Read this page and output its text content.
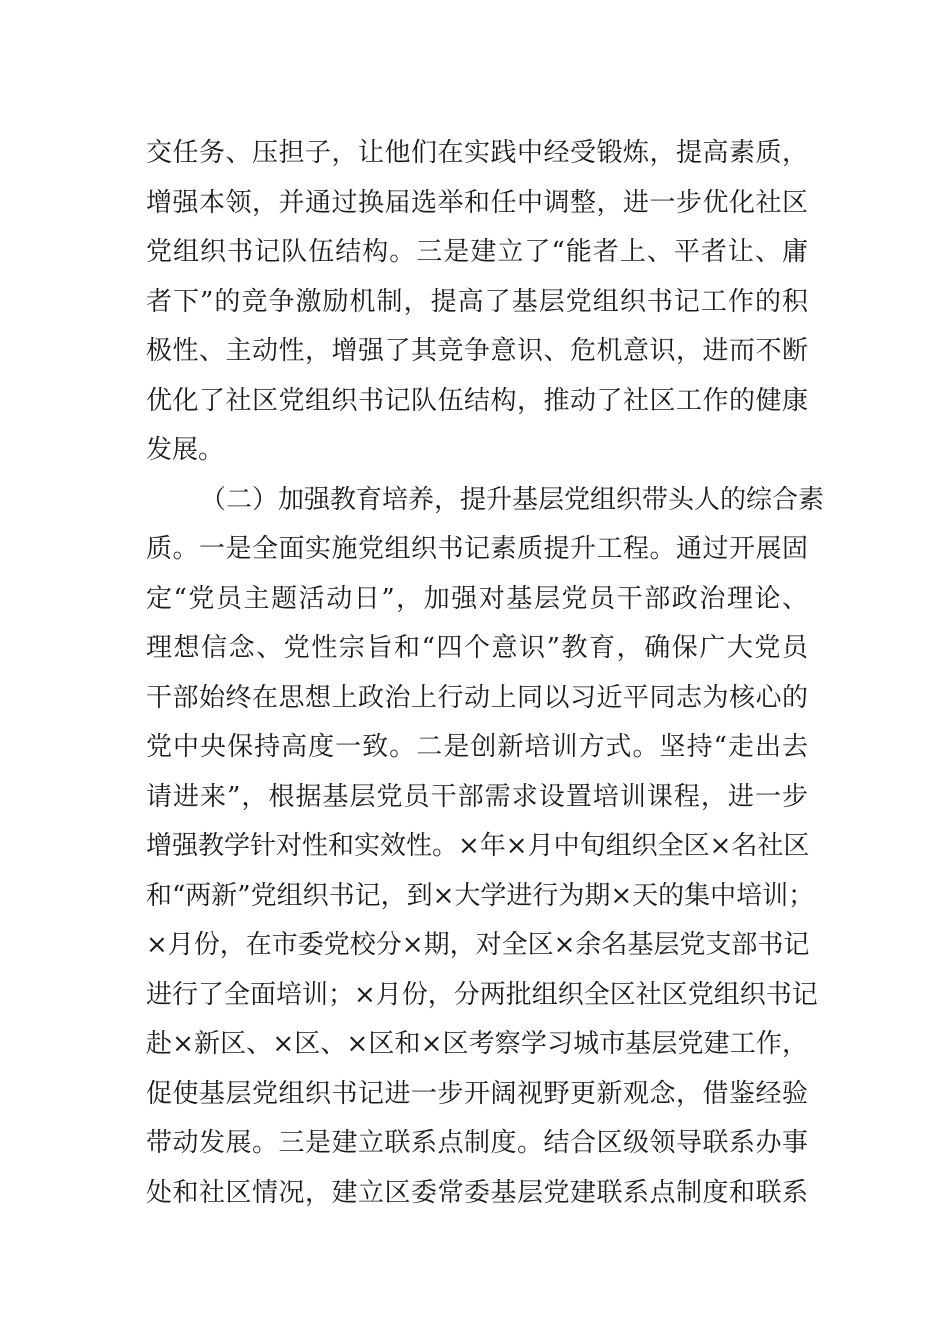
交任务、压担子，让他们在实践中经受锻炼，提高素质，
增强本领，并通过换届选举和任中调整，进一步优化社区
党组织书记队伍结构。三是建立了“能者上、平者让、庸
者下”的竞争激励机制，提高了基层党组织书记工作的积
极性、主动性，增强了其竞争意识、危机意识，进而不断
优化了社区党组织书记队伍结构，推动了社区工作的健康
发展。
（二）加强教育培养，提升基层党组织带头人的综合素
质。一是全面实施党组织书记素质提升工程。通过开展固
定“党员主题活动日”，加强对基层党员干部政治理论、
理想信念、党性宗旨和“四个意识”教育，确保广大党员
干部始终在思想上政治上行动上同以习近平同志为核心的
党中央保持高度一致。二是创新培训方式。坚持“走出去
请进来”，根据基层党员干部需求设置培训课程，进一步
增强教学针对性和实效性。×年×月中旬组织全区×名社区
和“两新”党组织书记，到×大学进行为期×天的集中培训；
×月份，在市委党校分×期，对全区×余名基层党支部书记
进行了全面培训；×月份，分两批组织全区社区党组织书记
赴×新区、×区、×区和×区考察学习城市基层党建工作，
促使基层党组织书记进一步开阔视野更新观念，借鉴经验
带动发展。三是建立联系点制度。结合区级领导联系办事
处和社区情况，建立区委常委基层党建联系点制度和联系
